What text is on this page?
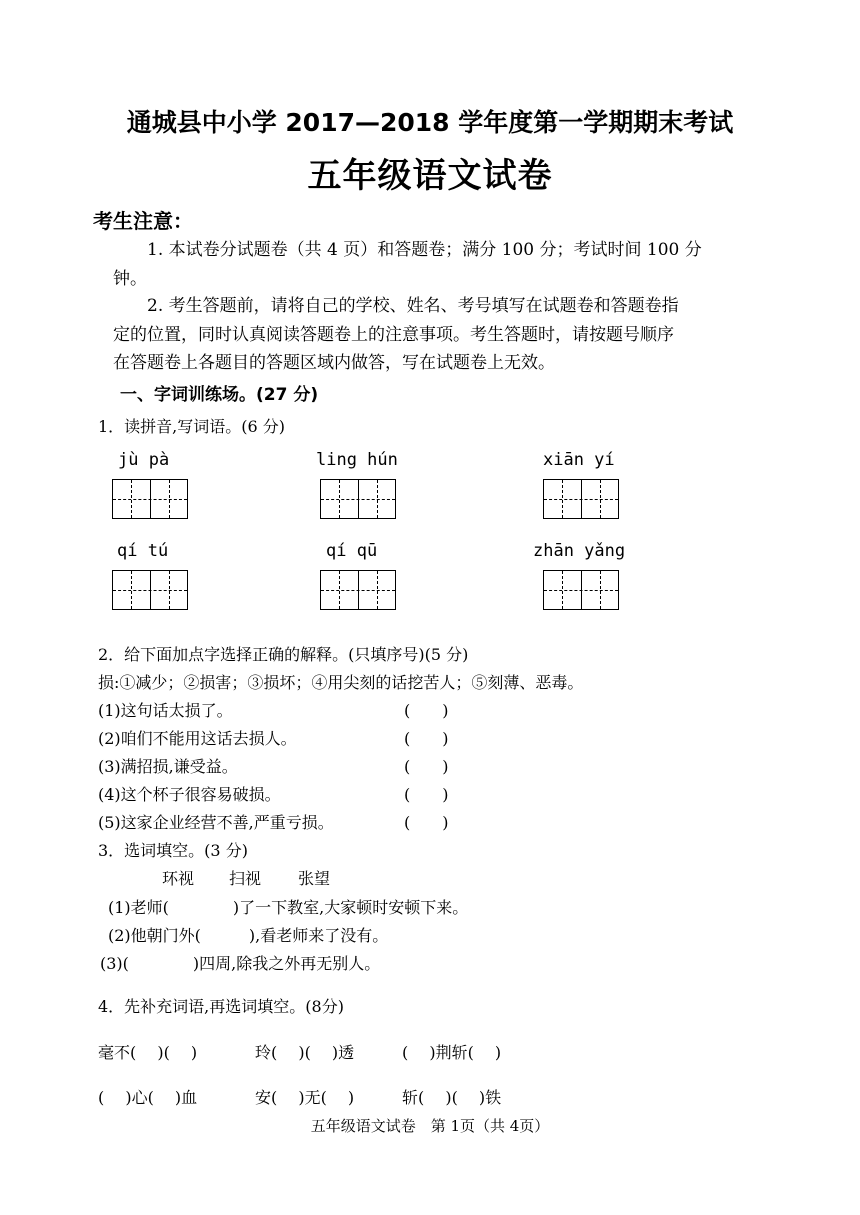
通城县中小学 2017—2018 学年度第一学期期末考试
五年级语文试卷
考生注意：
1. 本试卷分试题卷（共 4 页）和答题卷；满分 100 分；考试时间 100 分
钟。
2. 考生答题前，请将自己的学校、姓名、考号填写在试题卷和答题卷指
定的位置，同时认真阅读答题卷上的注意事项。考生答题时，请按题号顺序
在答题卷上各题目的答题区域内做答，写在试题卷上无效。
一、字词训练场。(27 分)
1．读拼音,写词语。(6 分)
jù pà	ling hún	xiān yí
qí tú	qí qū	zhān yǎng
2．给下面加点字选择正确的解释。(只填序号)(5 分)
损:①减少；②损害；③损坏；④用尖刻的话挖苦人；⑤刻薄、恶毒。
(1)这句话太损了。	(　　)
(2)咱们不能用这话去损人。	(　　)
(3)满招损,谦受益。	(　　)
(4)这个杯子很容易破损。	(　　)
(5)这家企业经营不善,严重亏损。	(　　)
3．选词填空。(3 分)
环视 扫视 张望
(1)老师(　　　　)了一下教室,大家顿时安顿下来。
(2)他朝门外(　　　),看老师来了没有。
(3)(　　　　)四周,除我之外再无别人。
4．先补充词语,再选词填空。(8分)
毫不(　 )(　 )	玲(　 )(　 )透	(　 )荆斩(　 )
(　 )心(　 )血	安(　 )无(　 )	斩(　 )(　 )铁
五年级语文试卷　第 1页（共 4页）
